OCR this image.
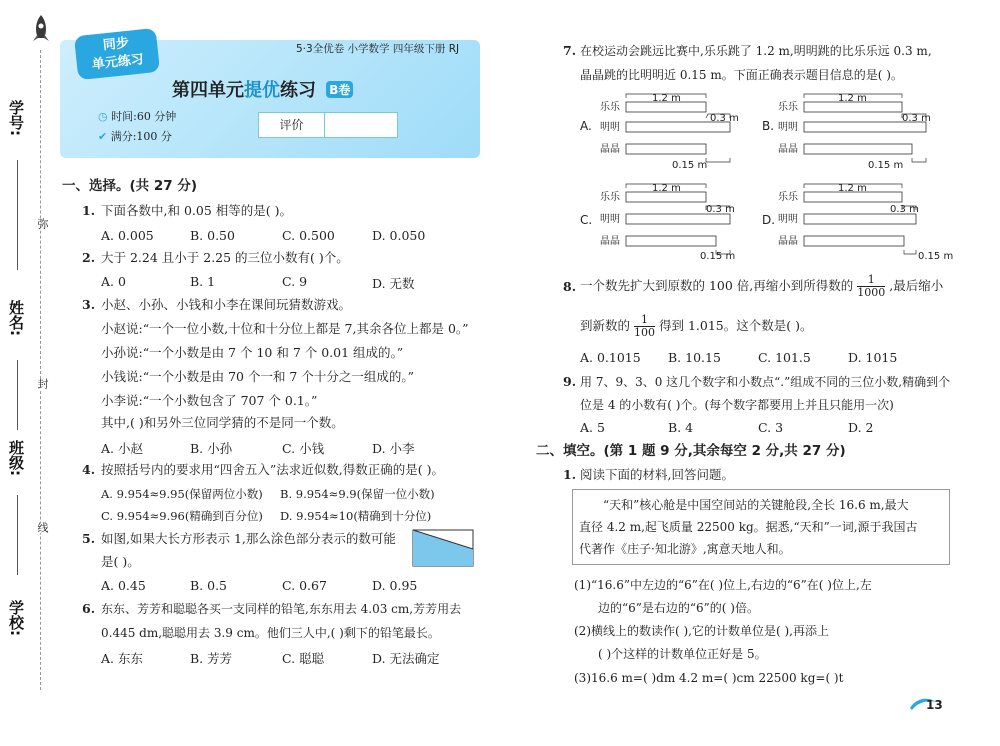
学号:
姓名:
班级:
学校:
弥
封
线
同步
单元练习
5·3全优卷 小学数学 四年级下册 RJ
第四单元提优练习 B卷
◷ 时间:60 分钟
✔ 满分:100 分
评价
一、选择。(共 27 分)
1. 下面各数中,和 0.05 相等的是( )。
A. 0.005	B. 0.50	C. 0.500	D. 0.050
2. 大于 2.24 且小于 2.25 的三位小数有( )个。
A. 0	B. 1	C. 9	D. 无数
3. 小赵、小孙、小钱和小李在课间玩猜数游戏。
小赵说:“一个一位小数,十位和十分位上都是 7,其余各位上都是 0。”
小孙说:“一个小数是由 7 个 10 和 7 个 0.01 组成的。”
小钱说:“一个小数是由 70 个一和 7 个十分之一组成的。”
小李说:“一个小数包含了 707 个 0.1。”
其中,( )和另外三位同学猜的不是同一个数。
A. 小赵	B. 小孙	C. 小钱	D. 小李
4. 按照括号内的要求用“四舍五入”法求近似数,得数正确的是( )。
A. 9.954≈9.95(保留两位小数) B. 9.954≈9.9(保留一位小数)
C. 9.954≈9.96(精确到百分位) D. 9.954≈10(精确到十分位)
5. 如图,如果大长方形表示 1,那么涂色部分表示的数可能
是( )。
A. 0.45	B. 0.5	C. 0.67	D. 0.95
6. 东东、芳芳和聪聪各买一支同样的铅笔,东东用去 4.03 cm,芳芳用去
0.445 dm,聪聪用去 3.9 cm。他们三人中,( )剩下的铅笔最长。
A. 东东	B. 芳芳	C. 聪聪	D. 无法确定
7. 在校运动会跳远比赛中,乐乐跳了 1.2 m,明明跳的比乐乐远 0.3 m,
晶晶跳的比明明近 0.15 m。下面正确表示题目信息的是( )。
A.
乐乐
明明
晶晶
1.2 m
0.3 m
0.15 m
B.
乐乐
明明
晶晶
1.2 m
0.3 m
0.15 m
C.
乐乐
明明
晶晶
1.2 m
0.3 m
0.15 m
D.
乐乐
明明
晶晶
1.2 m
0.3 m
0.15 m
8. 一个数先扩大到原数的 100 倍,再缩小到所得数的 $\frac{1}{1000}$ ,最后缩小
到新数的 $\frac{1}{100}$ 得到 1.015。这个数是( )。
A. 0.1015 B. 10.15	C. 101.5	D. 1015
9. 用 7、9、3、0 这几个数字和小数点“.”组成不同的三位小数,精确到个
位是 4 的小数有( )个。(每个数字都要用上并且只能用一次)
A. 5	B. 4	C. 3	D. 2
二、填空。(第 1 题 9 分,其余每空 2 分,共 27 分)
1. 阅读下面的材料,回答问题。
“天和”核心舱是中国空间站的关键舱段,全长 16.6 m,最大
直径 4.2 m,起飞质量 22500 kg。据悉,“天和”一词,源于我国古
代著作《庄子·知北游》,寓意天地人和。
(1)“16.6”中左边的“6”在( )位上,右边的“6”在( )位上,左
边的“6”是右边的“6”的( )倍。
(2)横线上的数读作( ),它的计数单位是( ),再添上
( )个这样的计数单位正好是 5。
(3)16.6 m=( )dm 4.2 m=( )cm 22500 kg=( )t
13
